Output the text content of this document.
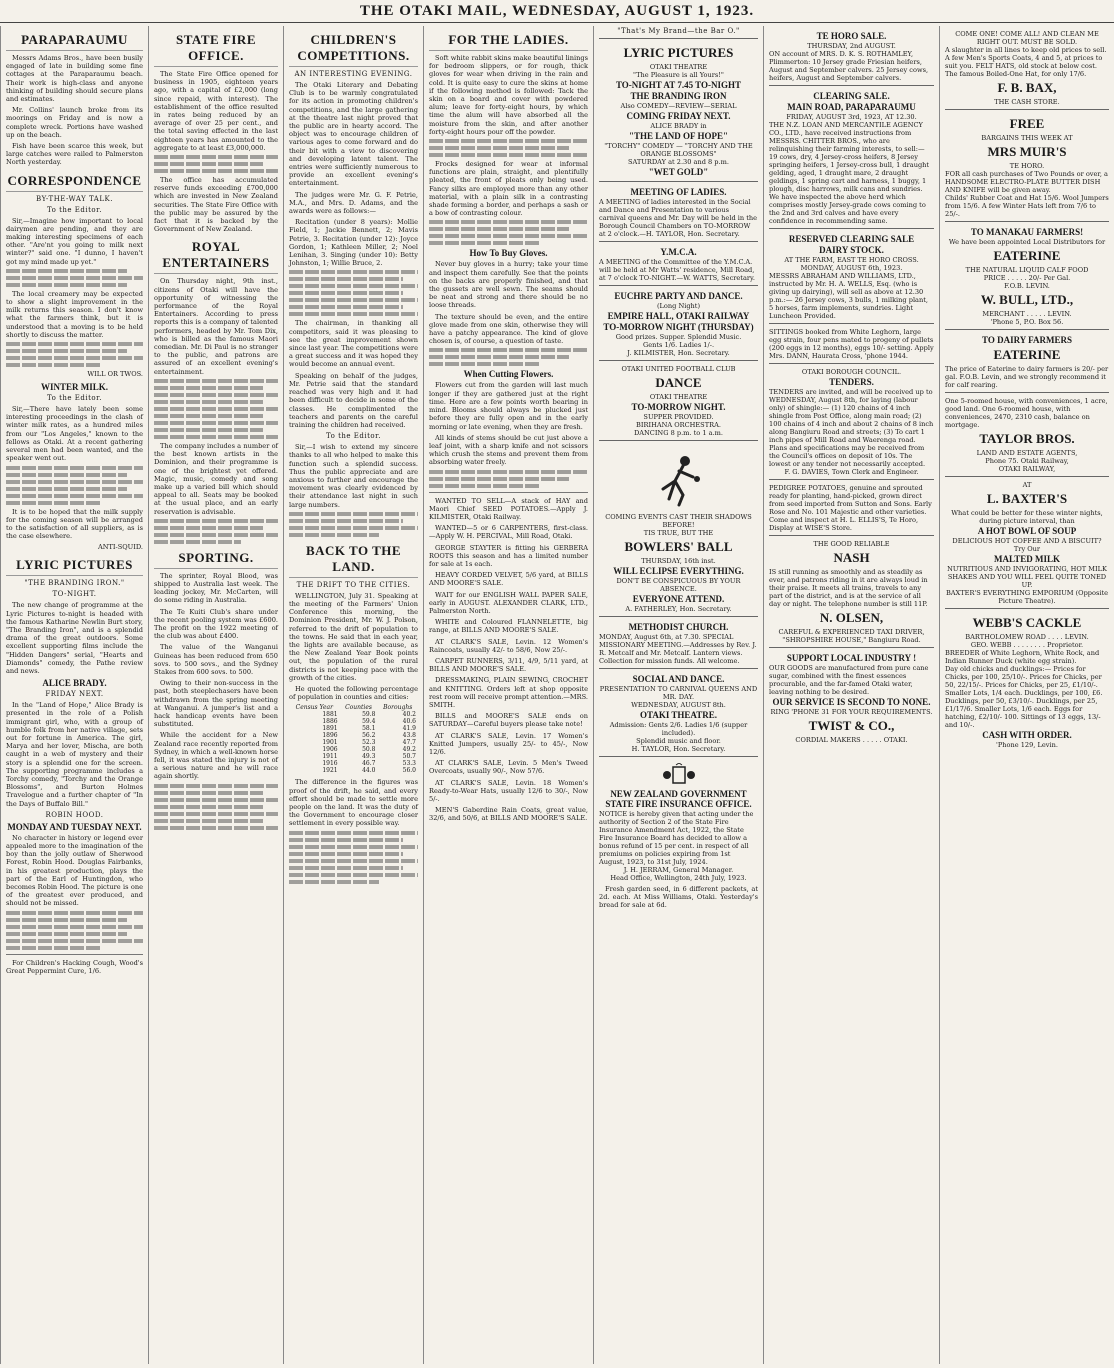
THE OTAKI MAIL, WEDNESDAY, AUGUST 1, 1923.
PARAPARAUMU

Messrs Adams Bros., have been busily engaged of late in building some fine cottages at the Paraparaumu beach. Their work is high-class and anyone thinking of building should secure plans and estimates.

Mr. Collins' launch broke from its moorings on Friday and is now a complete wreck. Portions have washed up on the beach.

Fish have been scarce this week, but large catches were railed to Palmerston North yesterday.

CORRESPONDENCE
BY-THE-WAY TALK.
To the Editor.

Sir,—Imagine how important to local dairymen are pending, and they are making interesting specimens of each other. "Are'nt you going to milk next winter?" said one. "I dunno, I haven't got my mind made up yet."

The local creamery may be expected to show a slight improvement in the milk returns this season. I don't know what the farmers think, but it is understood that a moving is to be held shortly to discuss the matter.

WILL OR TWOS.
WINTER MILK.
To the Editor.

Sir,—There have lately been some interesting proceedings in the clash of winter milk rates, as a hundred miles from our "Los Angeles," known to the fellows as Otaki. At a recent gathering several men had been wanted, and the speaker went out.

It is to be hoped that the milk supply for the coming season will be arranged to the satisfaction of all suppliers, as is the case elsewhere.

ANTI-SQUID.
LYRIC PICTURES
"THE BRANDING IRON."
TO-NIGHT.

The new change of programme at the Lyric Pictures to-night is headed with the famous Katharine Newlin Burt story, "The Branding Iron", and is a splendid drama of the great outdoors. Some excellent supporting films include the "Hidden Dangers" serial, "Hearts and Diamonds" comedy, the Pathe review and news.

ALICE BRADY.
FRIDAY NEXT.

In the "Land of Hope," Alice Brady is presented in the role of a Polish immigrant girl, who, with a group of humble folk from her native village, sets out for fortune in America. The girl, Marya and her lover, Mischa, are both caught in a web of mystery and their story is a splendid one for the screen. The supporting programme includes a Torchy comedy, "Torchy and the Orange Blossoms", and Burton Holmes Travelogue and a further chapter of "In the Days of Buffalo Bill."

ROBIN HOOD.
MONDAY AND TUESDAY NEXT.

No character in history or legend ever appealed more to the imagination of the boy than the jolly outlaw of Sherwood Forest, Robin Hood. Douglas Fairbanks, in his greatest production, plays the part of the Earl of Huntingdon, who becomes Robin Hood. The picture is one of the greatest ever produced, and should not be missed.

For Children's Hacking Cough, Wood's Great Peppermint Cure, 1/6.

STATE FIRE OFFICE.

The State Fire Office opened for business in 1905, eighteen years ago, with a capital of £2,000 (long since repaid, with interest). The establishment of the office resulted in rates being reduced by an average of over 25 per cent., and the total saving effected in the last eighteen years has amounted to the aggregate to at least £3,000,000.

The office has accumulated reserve funds exceeding £700,000 which are invested in New Zealand securities. The State Fire Office with the public may be assured by the fact that it is backed by the Government of New Zealand.

ROYAL ENTERTAINERS

On Thursday night, 9th inst., citizens of Otaki will have the opportunity of witnessing the performance of the Royal Entertainers. According to press reports this is a company of talented performers, headed by Mr. Tom Dix, who is billed as the famous Maori comedian. Mr. Di Paul is no stranger to the public, and patrons are assured of an excellent evening's entertainment.

The company includes a number of the best known artists in the Dominion, and their programme is one of the brightest yet offered. Magic, music, comedy and song make up a varied bill which should appeal to all. Seats may be booked at the usual place, and an early reservation is advisable.

SPORTING.

The sprinter, Royal Blood, was shipped to Australia last week. The leading jockey, Mr. McCarten, will do some riding in Australia.

The Te Kuiti Club's share under the recent pooling system was £600. The profit on the 1922 meeting of the club was about £400.

The value of the Wanganui Guineas has been reduced from 650 sovs. to 500 sovs., and the Sydney Stakes from 600 sovs. to 500.

Owing to their non-success in the past, both steeplechasers have been withdrawn from the spring meeting at Wanganui. A jumper's list and a hack handicap events have been substituted.

While the accident for a New Zealand race recently reported from Sydney, in which a well-known horse fell, it was stated the injury is not of a serious nature and he will race again shortly.

CHILDREN'S COMPETITIONS.
AN INTERESTING EVENING.

The Otaki Literary and Debating Club is to be warmly congratulated for its action in promoting children's competitions, and the large gathering at the theatre last night proved that the public are in hearty accord. The object was to encourage children of various ages to come forward and do their bit with a view to discovering and developing latent talent. The entries were sufficiently numerous to provide an excellent evening's entertainment.

The judges were Mr. G. F. Petrie, M.A., and Mrs. D. Adams, and the awards were as follows:—

Recitation (under 8 years): Mollie Field, 1; Jackie Bennett, 2; Mavis Petrie, 3. Recitation (under 12): Joyce Gordon, 1; Kathleen Miller, 2; Noel Lenihan, 3. Singing (under 10): Betty Johnston, 1; Willie Bruce, 2.

The chairman, in thanking all competitors, said it was pleasing to see the great improvement shown since last year. The competitions were a great success and it was hoped they would become an annual event.

Speaking on behalf of the judges, Mr. Petrie said that the standard reached was very high and it had been difficult to decide in some of the classes. He complimented the teachers and parents on the careful training the children had received.

To the Editor.

Sir,—I wish to extend my sincere thanks to all who helped to make this function such a splendid success. Thus the public appreciate and are anxious to further and encourage the movement was clearly evidenced by their attendance last night in such large numbers.

BACK TO THE LAND.
THE DRIFT TO THE CITIES.

WELLINGTON, July 31. Speaking at the meeting of the Farmers' Union Conference this morning, the Dominion President, Mr. W. J. Polson, referred to the drift of population to the towns. He said that in each year, the lights are available because, as the New Zealand Year Book points out, the population of the rural districts is not keeping pace with the growth of the cities.

He quoted the following percentage of population in counties and cities:

Census Year	Counties	Boroughs
1881	59.8	40.2
1886	59.4	40.6
1891	58.1	41.9
1896	56.2	43.8
1901	52.3	47.7
1906	50.8	49.2
1911	49.3	50.7
1916	46.7	53.3
1921	44.0	56.0

The difference in the figures was proof of the drift, he said, and every effort should be made to settle more people on the land. It was the duty of the Government to encourage closer settlement in every possible way.

FOR THE LADIES.

Soft white rabbit skins make beautiful linings for bedroom slippers, or for rough, thick gloves for wear when driving in the rain and cold. It is quite easy to cure the skins at home if the following method is followed: Tack the skin on a board and cover with powdered alum; leave for forty-eight hours, by which time the alum will have absorbed all the moisture from the skin, and after another forty-eight hours pour off the powder.

Frocks designed for wear at informal functions are plain, straight, and plentifully pleated, the front of pleats only being used. Fancy silks are employed more than any other material, with a plain silk in a contrasting shade forming a border, and perhaps a sash or a bow of contrasting colour.

How To Buy Gloves.

Never buy gloves in a hurry; take your time and inspect them carefully. See that the points on the backs are properly finished, and that the gussets are well sewn. The seams should be neat and strong and there should be no loose threads.

The texture should be even, and the entire glove made from one skin, otherwise they will have a patchy appearance. The kind of glove chosen is, of course, a question of taste.

When Cutting Flowers.

Flowers cut from the garden will last much longer if they are gathered just at the right time. Here are a few points worth bearing in mind. Blooms should always be plucked just before they are fully open and in the early morning or late evening, when they are fresh.

All kinds of stems should be cut just above a leaf joint, with a sharp knife and not scissors which crush the stems and prevent them from absorbing water freely.

WANTED TO SELL—A stack of HAY and Maori Chief SEED POTATOES.—Apply J. KILMISTER, Otaki Railway.

WANTED—5 or 6 CARPENTERS, first-class.—Apply W. H. PERCIVAL, Mill Road, Otaki.

GEORGE STAYTER is fitting his GERBERA ROOTS this season and has a limited number for sale at 1s each.

HEAVY CORDED VELVET, 5/6 yard, at BILLS AND MOORE'S SALE.

WAIT for our ENGLISH WALL PAPER SALE, early in AUGUST. ALEXANDER CLARK, LTD., Palmerston North.

WHITE and Coloured FLANNELETTE, big range, at BILLS AND MOORE'S SALE.

AT CLARK'S SALE, Levin. 12 Women's Raincoats, usually 42/- to 58/6, Now 25/-.

CARPET RUNNERS, 3/11, 4/9, 5/11 yard, at BILLS AND MOORE'S SALE.

DRESSMAKING, PLAIN SEWING, CROCHET and KNITTING. Orders left at shop opposite rest room will receive prompt attention.—MRS. SMITH.

BILLS and MOORE'S SALE ends on SATURDAY—Careful buyers please take note!

AT CLARK'S SALE, Levin. 17 Women's Knitted Jumpers, usually 25/- to 45/-, Now 12/6.

AT CLARK'S SALE, Levin. 5 Men's Tweed Overcoats, usually 90/-, Now 57/6.

AT CLARK'S SALE, Levin. 18 Women's Ready-to-Wear Hats, usually 12/6 to 30/-, Now 5/-.

MEN'S Gaberdine Rain Coats, great value, 32/6, and 50/6, at BILLS AND MOORE'S SALE.

"That's My Brand—the Bar O."
LYRIC PICTURES
OTAKI THEATRE
"The Pleasure is all Yours!"
TO-NIGHT AT 7.45 TO-NIGHT
THE BRANDING IRON
Also COMEDY—REVIEW—SERIAL
COMING FRIDAY NEXT.
ALICE BRADY in
"THE LAND OF HOPE"
"TORCHY" COMEDY — "TORCHY AND THE ORANGE BLOSSOMS"
SATURDAY at 2.30 and 8 p.m.
"WET GOLD"
MEETING OF LADIES.
A MEETING of ladies interested in the Social and Dance and Presentation to various carnival queens and Mr. Day will be held in the Borough Council Chambers on TO-MORROW at 2 o'clock.—H. TAYLOR, Hon. Secretary.
Y.M.C.A.
A MEETING of the Committee of the Y.M.C.A. will be held at Mr Watts' residence, Mill Road, at 7 o'clock TO-NIGHT.—W. WATTS, Secretary.
EUCHRE PARTY AND DANCE.
(Long Night)
EMPIRE HALL, OTAKI RAILWAY
TO-MORROW NIGHT (THURSDAY)
Good prizes. Supper. Splendid Music.
Gents 1/6. Ladies 1/-.
J. KILMISTER, Hon. Secretary.
OTAKI UNITED FOOTBALL CLUB
DANCE
OTAKI THEATRE
TO-MORROW NIGHT.
SUPPER PROVIDED.
BIRIHANA ORCHESTRA.
DANCING 8 p.m. to 1 a.m.
COMING EVENTS CAST THEIR SHADOWS BEFORE!
TIS TRUE, BUT THE
BOWLERS' BALL
THURSDAY, 16th inst.
WILL ECLIPSE EVERYTHING.
DON'T BE CONSPICUOUS BY YOUR ABSENCE.
EVERYONE ATTEND.
A. FATHERLEY, Hon. Secretary.
METHODIST CHURCH.
MONDAY, August 6th, at 7.30. SPECIAL MISSIONARY MEETING.—Addresses by Rev. J. R. Metcalf and Mr. Metcalf. Lantern views. Collection for mission funds. All welcome.
SOCIAL AND DANCE.
PRESENTATION TO CARNIVAL QUEENS AND MR. DAY.
WEDNESDAY, AUGUST 8th.
OTAKI THEATRE.
Admission: Gents 2/6. Ladies 1/6 (supper included).
Splendid music and floor.
H. TAYLOR, Hon. Secretary.
NEW ZEALAND GOVERNMENT STATE FIRE INSURANCE OFFICE.
NOTICE is hereby given that acting under the authority of Section 2 of the State Fire Insurance Amendment Act, 1922, the State Fire Insurance Board has decided to allow a bonus refund of 15 per cent. in respect of all premiums on policies expiring from 1st August, 1923, to 31st July, 1924.
J. H. JERRAM, General Manager.
Head Office, Wellington, 24th July, 1923.

Fresh garden seed, in 6 different packets, at 2d. each. At Miss Williams, Otaki. Yesterday's bread for sale at 6d.

TE HORO SALE.
THURSDAY, 2nd AUGUST.
ON account of MRS. D. K. S. ROTHAMLEY, Plimmerton: 10 Jersey grade Friesian heifers, August and September calvers. 25 Jersey cows, heifers, August and September calvers.
CLEARING SALE.
MAIN ROAD, PARAPARAUMU
FRIDAY, AUGUST 3rd, 1923, AT 12.30.
THE N.Z. LOAN AND MERCANTILE AGENCY CO., LTD., have received instructions from MESSRS. CHITTER BROS., who are relinquishing their farming interests, to sell:— 19 cows, dry, 4 Jersey-cross heifers, 8 Jersey springing heifers, 1 Jersey-cross bull, 1 draught gelding, aged, 1 draught mare, 2 draught geldings, 1 spring cart and harness, 1 buggy, 1 plough, disc harrows, milk cans and sundries.
We have inspected the above herd which comprises mostly Jersey-grade cows coming to the 2nd and 3rd calves and have every confidence in recommending same.
RESERVED CLEARING SALE
DAIRY STOCK.
AT THE FARM, EAST TE HORO CROSS.
MONDAY, AUGUST 6th, 1923.
MESSRS ABRAHAM AND WILLIAMS, LTD., instructed by Mr. H. A. WELLS, Esq. (who is giving up dairying), will sell as above at 12.30 p.m.:— 26 Jersey cows, 3 bulls, 1 milking plant, 5 horses, farm implements, sundries. Light Luncheon Provided.
SITTINGS booked from White Leghorn, large egg strain, four pens mated to progeny of pullets (200 eggs in 12 months), eggs 10/- setting. Apply Mrs. DANN, Haurata Cross, 'phone 1944.
OTAKI BOROUGH COUNCIL.
TENDERS.
TENDERS are invited, and will be received up to WEDNESDAY, August 8th, for laying (labour only) of shingle:— (1) 120 chains of 4 inch shingle from Post Office, along main road; (2) 100 chains of 4 inch and about 2 chains of 8 inch along Bangiuru Road and streets; (3) To cart 1 inch pipes of Mill Road and Waerenga road.
Plans and specifications may be received from the Council's offices on deposit of 10s. The lowest or any tender not necessarily accepted.
F. G. DAVIES, Town Clerk and Engineer.
PEDIGREE POTATOES, genuine and sprouted ready for planting, hand-picked, grown direct from seed imported from Sutton and Sons. Early Rose and No. 101 Majestic and other varieties. Come and inspect at H. L. ELLIS'S, Te Horo, Display at WISE'S Store.
THE GOOD RELIABLE
NASH
IS still running as smoothly and as steadily as ever, and patrons riding in it are always loud in their praise. It meets all trains, travels to any part of the district, and is at the service of all day or night. The telephone number is still 11P.
N. OLSEN,
CAREFUL & EXPERIENCED TAXI DRIVER,
"SHROPSHIRE HOUSE," Bangiuru Road.
SUPPORT LOCAL INDUSTRY !
OUR GOODS are manufactured from pure cane sugar, combined with the finest essences procurable, and the far-famed Otaki water, leaving nothing to be desired.
OUR SERVICE IS SECOND TO NONE.
RING 'PHONE 31 FOR YOUR REQUIREMENTS.
TWIST & CO.,
CORDIAL MAKERS . . . . . OTAKI.
COME ONE! COME ALL! AND CLEAN ME RIGHT OUT. MUST BE SOLD.
A slaughter in all lines to keep old prices to sell. A few Men's Sports Coats, 4 and 5, at prices to suit you. FELT HATS, old stock at below cost. The famous Boiled-One Hat, for only 17/6.
F. B. BAX,
THE CASH STORE.
FREE
BARGAINS THIS WEEK AT
MRS MUIR'S
TE HORO.
FOR all cash purchases of Two Pounds or over, a HANDSOME ELECTRO-PLATE BUTTER DISH AND KNIFE will be given away.
Childs' Rubber Coat and Hat 15/6. Wool Jumpers from 15/6. A few Winter Hats left from 7/6 to 25/-.
TO MANAKAU FARMERS!
We have been appointed Local Distributors for
EATERINE
THE NATURAL LIQUID CALF FOOD
PRICE . . . . . 20/- Per Gal.
F.O.B. LEVIN.
W. BULL, LTD.,
MERCHANT . . . . . LEVIN.
'Phone 5, P.O. Box 56.
TO DAIRY FARMERS
EATERINE
The price of Eaterine to dairy farmers is 20/- per gal. F.O.B. Levin, and we strongly recommend it for calf rearing.
One 5-roomed house, with conveniences, 1 acre, good land. One 6-roomed house, with conveniences, 2470, 2310 cash, balance on mortgage.
TAYLOR BROS.
LAND AND ESTATE AGENTS,
Phone 75. Otaki Railway,
OTAKI RAILWAY,
AT
L. BAXTER'S
What could be better for these winter nights, during picture interval, than
A HOT BOWL OF SOUP
DELICIOUS HOT COFFEE AND A BISCUIT?
Try Our
MALTED MILK
NUTRITIOUS AND INVIGORATING, HOT MILK SHAKES AND YOU WILL FEEL QUITE TONED UP.
BAXTER'S EVERYTHING EMPORIUM (Opposite Picture Theatre).
WEBB'S CACKLE
BARTHOLOMEW ROAD . . . . LEVIN.
GEO. WEBB . . . . . . . . Proprietor.
BREEDER of White Leghorn, White Rock, and Indian Runner Duck (white egg strain).
Day old chicks and ducklings:— Prices for Chicks, per 100, 25/10/-. Prices for Chicks, per 50, 22/15/-. Prices for Chicks, per 25, £1/10/-. Smaller Lots, 1/4 each. Ducklings, per 100, £6. Ducklings, per 50, £3/10/-. Ducklings, per 25, £1/17/6. Smaller Lots, 1/6 each. Eggs for hatching, £2/10/- 100. Sittings of 13 eggs, 13/- and 10/-.
CASH WITH ORDER.
'Phone 129, Levin.
